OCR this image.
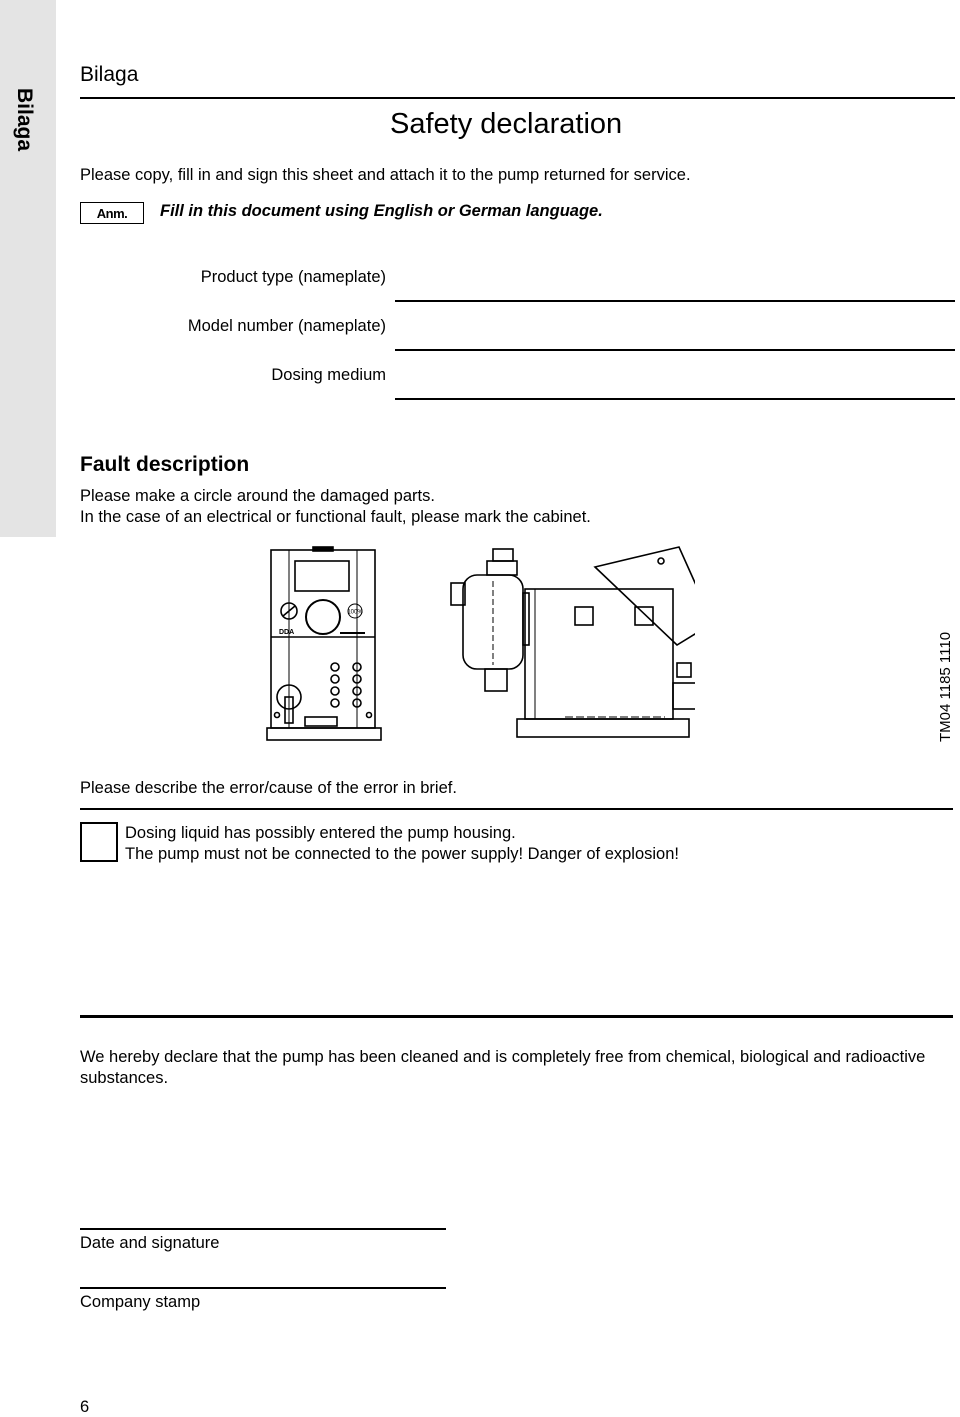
Bilaga
Bilaga
Safety declaration
Please copy, fill in and sign this sheet and attach it to the pump returned for service.
Anm.	Fill in this document using English or German language.
Product type (nameplate)
Model number (nameplate)
Dosing medium
Fault description
Please make a circle around the damaged parts.
In the case of an electrical or functional fault, please mark the cabinet.
100%
DDA	TM04 1185 1110
Please describe the error/cause of the error in brief.
Dosing liquid has possibly entered the pump housing.
The pump must not be connected to the power supply! Danger of explosion!
We hereby declare that the pump has been cleaned and is completely free from chemical, biological and radioactive substances.
Date and signature
Company stamp
6
